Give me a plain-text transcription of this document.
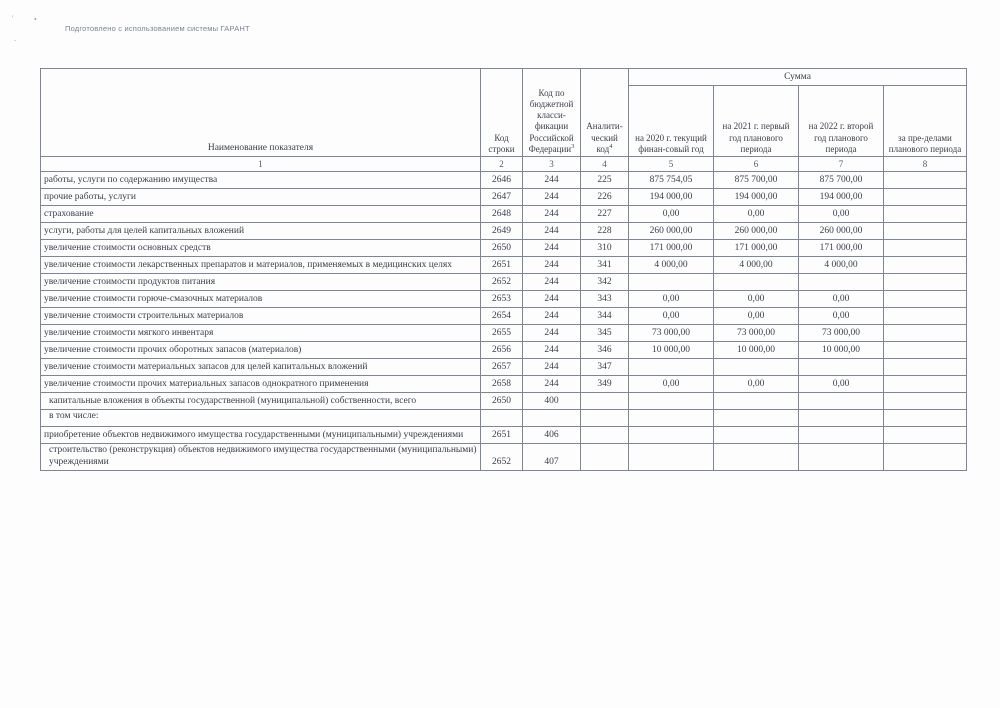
'	•
.
Подготовлено с использованием системы ГАРАНТ
Наименование показателя	Код строки	Код по бюджетной класси-фикации Российской Федерации$^3$	Аналити-ческий код$^4$	Сумма			
				на 2020 г. текущий финан-совый год	на 2021 г. первый год планового периода	на 2022 г. второй год планового периода	за пре-делами планового периода
1	2	3	4	5	6	7	8
работы, услуги по содержанию имущества	2646	244	225	875 754,05	875 700,00	875 700,00	
прочие работы, услуги	2647	244	226	194 000,00	194 000,00	194 000,00	
страхование	2648	244	227	0,00	0,00	0,00	
услуги, работы для целей капитальных вложений	2649	244	228	260 000,00	260 000,00	260 000,00	
увеличение стоимости основных средств	2650	244	310	171 000,00	171 000,00	171 000,00	
увеличение стоимости лекарственных препаратов и материалов, применяемых в медицинских целях	2651	244	341	4 000,00	4 000,00	4 000,00	
увеличение стоимости продуктов питания	2652	244	342				
увеличение стоимости горюче-смазочных материалов	2653	244	343	0,00	0,00	0,00	
увеличение стоимости строительных материалов	2654	244	344	0,00	0,00	0,00	
увеличение стоимости мягкого инвентаря	2655	244	345	73 000,00	73 000,00	73 000,00	
увеличение стоимости прочих оборотных запасов (материалов)	2656	244	346	10 000,00	10 000,00	10 000,00	
увеличение стоимости материальных запасов для целей капитальных вложений	2657	244	347				
увеличение стоимости прочих материальных запасов однократного применения	2658	244	349	0,00	0,00	0,00	
капитальные вложения в объекты государственной (муниципальной) собственности, всего	2650	400					
в том числе:							
приобретение объектов недвижимого имущества государственными (муниципальными) учреждениями	2651	406					
строительство (реконструкция) объектов недвижимого имущества государственными (муниципальными) учреждениями	2652	407					
